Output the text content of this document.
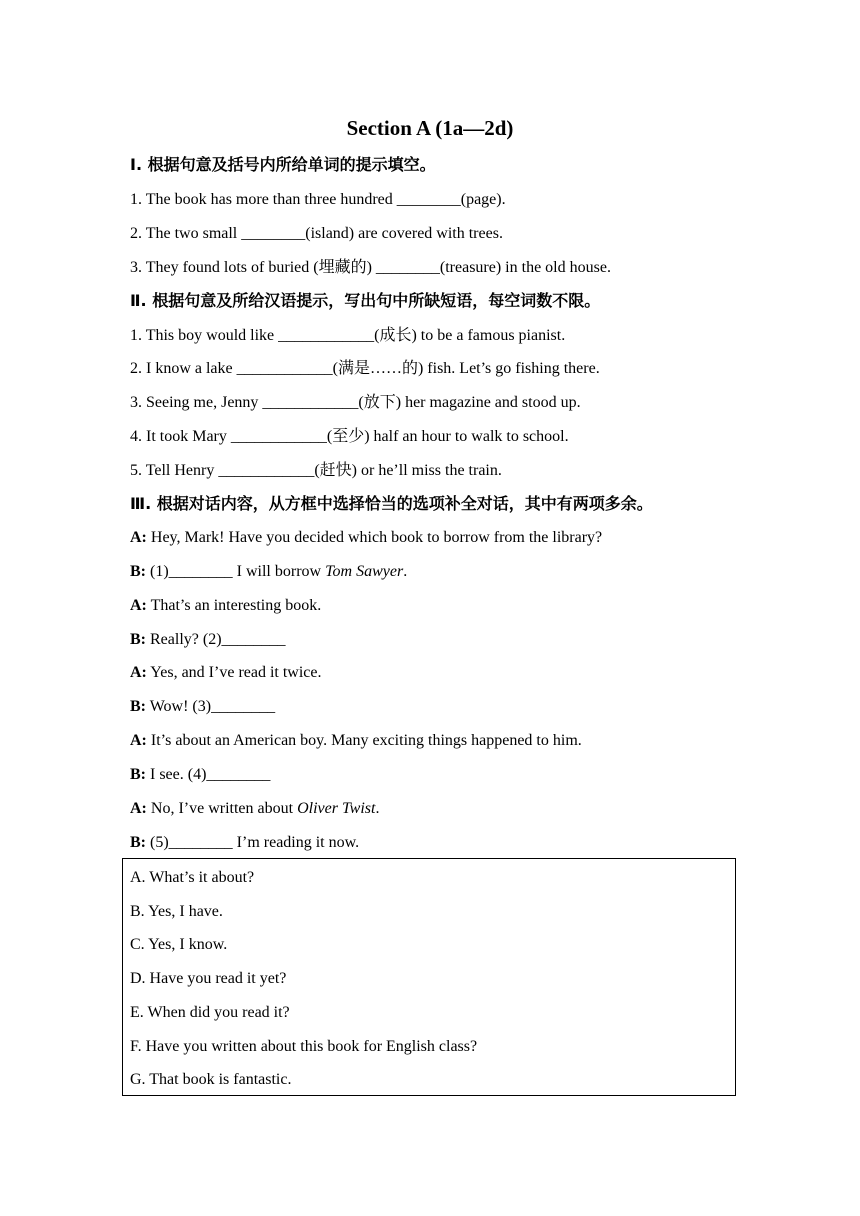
Section A (1a—2d)
Ⅰ. 根据句意及括号内所给单词的提示填空。
1. The book has more than three hundred ________(page).
2. The two small ________(island) are covered with trees.
3. They found lots of buried (埋藏的) ________(treasure) in the old house.
Ⅱ. 根据句意及所给汉语提示，写出句中所缺短语，每空词数不限。
1. This boy would like ____________(成长) to be a famous pianist.
2. I know a lake ____________(满是……的) fish. Let’s go fishing there.
3. Seeing me, Jenny ____________(放下) her magazine and stood up.
4. It took Mary ____________(至少) half an hour to walk to school.
5. Tell Henry ____________(赶快) or he’ll miss the train.
Ⅲ. 根据对话内容，从方框中选择恰当的选项补全对话，其中有两项多余。
A: Hey, Mark! Have you decided which book to borrow from the library?
B: (1)________ I will borrow Tom Sawyer.
A: That’s an interesting book.
B: Really? (2)________
A: Yes, and I’ve read it twice.
B: Wow! (3)________
A: It’s about an American boy. Many exciting things happened to him.
B: I see. (4)________
A: No, I’ve written about Oliver Twist.
B: (5)________ I’m reading it now.
A. What’s it about?
B. Yes, I have.
C. Yes, I know.
D. Have you read it yet?
E. When did you read it?
F. Have you written about this book for English class?
G. That book is fantastic.
